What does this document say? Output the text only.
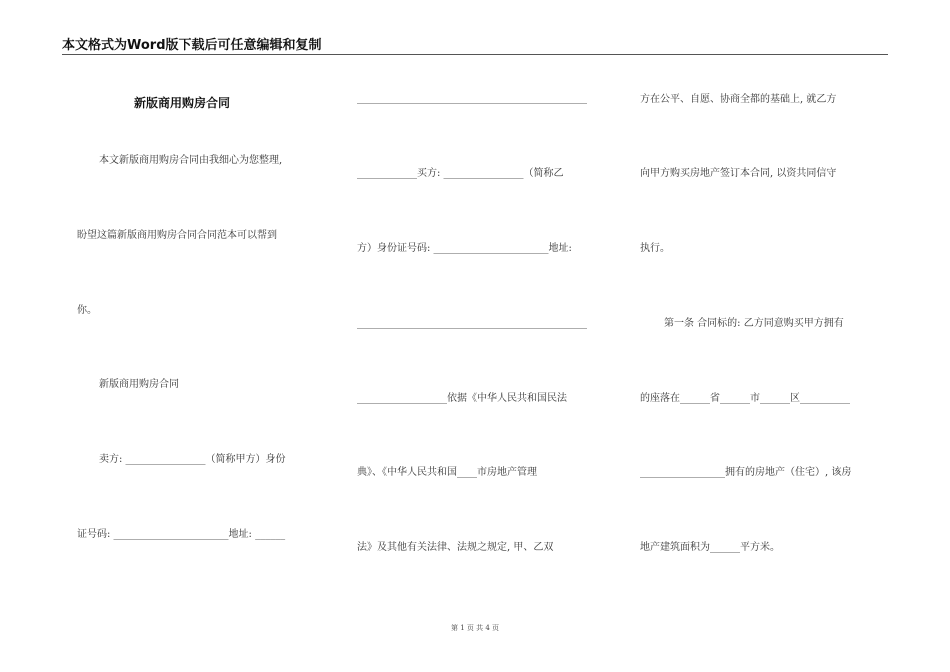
本文格式为Word版下载后可任意编辑和复制
新版商用购房合同
本文新版商用购房合同由我细心为您整理,
盼望这篇新版商用购房合同合同范本可以帮到
你。
新版商用购房合同
卖方: ________________（简称甲方）身份
证号码: _______________________地址: ______
______________________________________________
____________买方: ________________（简称乙
方）身份证号码: _______________________地址:
______________________________________________
__________________依据《中华人民共和国民法
典》、《中华人民共和国____市房地产管理
法》及其他有关法律、法规之规定, 甲、乙双
方在公平、自愿、协商全都的基础上, 就乙方
向甲方购买房地产签订本合同, 以资共同信守
执行。
第一条 合同标的: 乙方同意购买甲方拥有
的座落在______省______市______区__________
_________________拥有的房地产（住宅）, 该房
地产建筑面积为______平方米。
第 1 页 共 4 页
